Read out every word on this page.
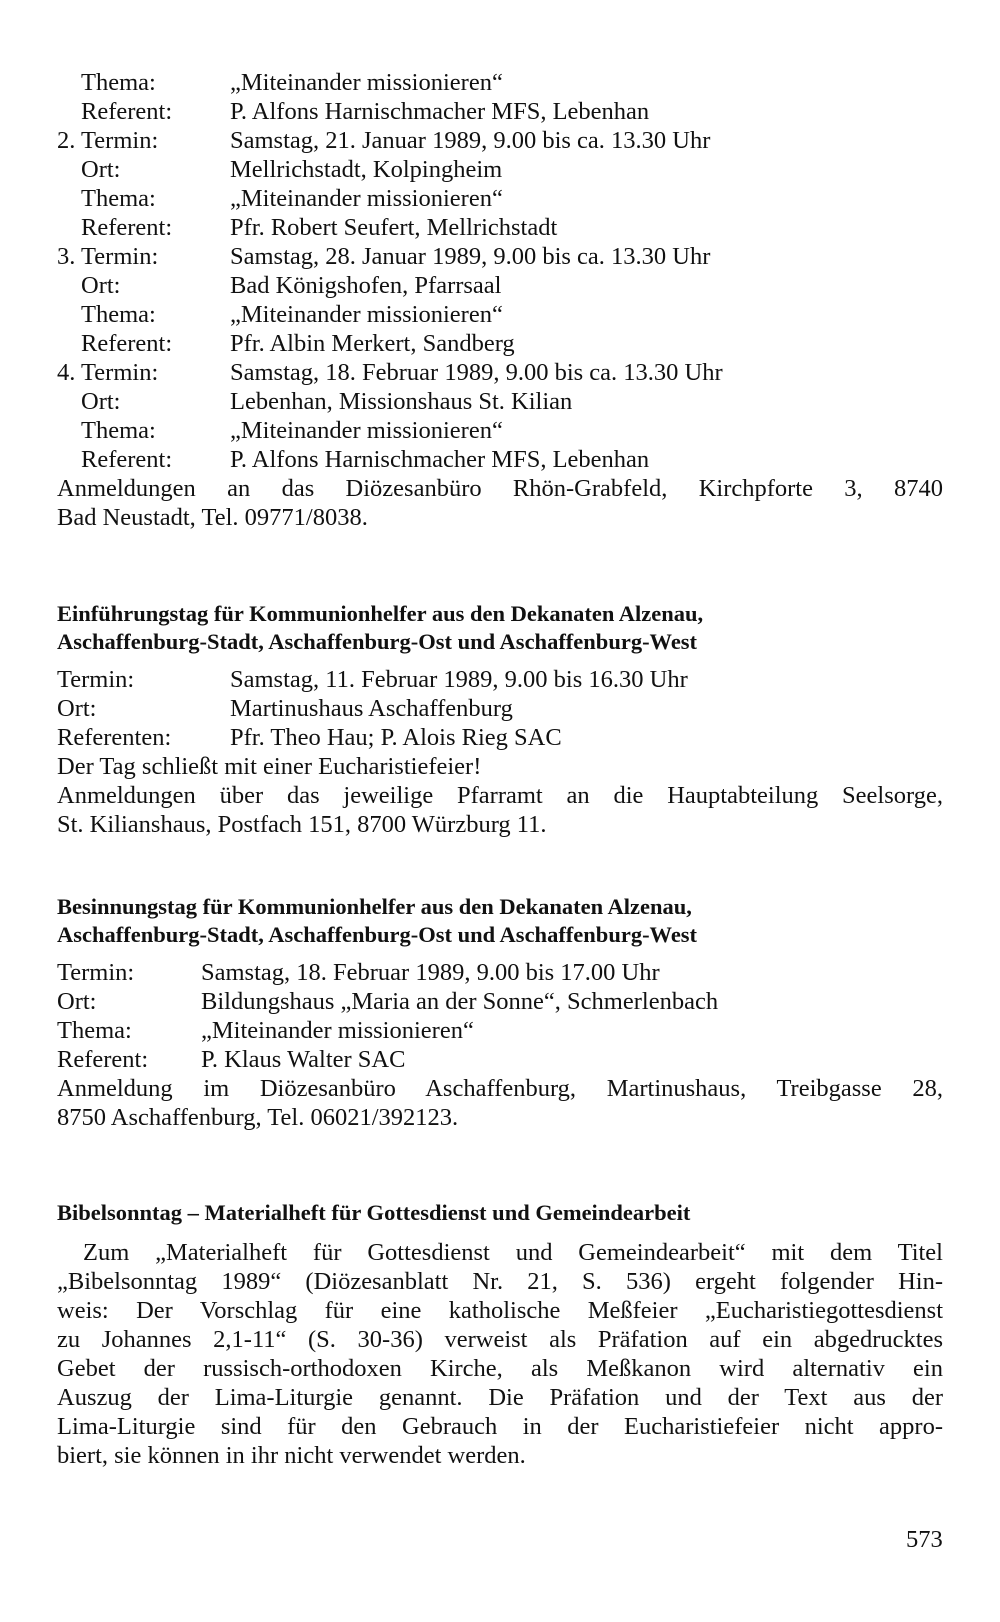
Thema:	„Miteinander missionieren“
Referent: P. Alfons Harnischmacher MFS, Lebenhan
2. Termin:	Samstag, 21. Januar 1989, 9.00 bis ca. 13.30 Uhr
Ort:	Mellrichstadt, Kolpingheim
Thema:	„Miteinander missionieren“
Referent: Pfr. Robert Seufert, Mellrichstadt
3. Termin:	Samstag, 28. Januar 1989, 9.00 bis ca. 13.30 Uhr
Ort:	Bad Königshofen, Pfarrsaal
Thema:	„Miteinander missionieren“
Referent: Pfr. Albin Merkert, Sandberg
4. Termin:	Samstag, 18. Februar 1989, 9.00 bis ca. 13.30 Uhr
Ort:	Lebenhan, Missionshaus St. Kilian
Thema:	„Miteinander missionieren“
Referent: P. Alfons Harnischmacher MFS, Lebenhan
Anmeldungen an das Diözesanbüro Rhön-Grabfeld, Kirchpforte 3, 8740
Bad Neustadt, Tel. 09771/8038.
Einführungstag für Kommunionhelfer aus den Dekanaten Alzenau,
Aschaffenburg-Stadt, Aschaffenburg-Ost und Aschaffenburg-West
Termin:	Samstag, 11. Februar 1989, 9.00 bis 16.30 Uhr
Ort:	Martinushaus Aschaffenburg
Referenten: Pfr. Theo Hau; P. Alois Rieg SAC
Der Tag schließt mit einer Eucharistiefeier!
Anmeldungen über das jeweilige Pfarramt an die Hauptabteilung Seelsorge,
St. Kilianshaus, Postfach 151, 8700 Würzburg 11.
Besinnungstag für Kommunionhelfer aus den Dekanaten Alzenau,
Aschaffenburg-Stadt, Aschaffenburg-Ost und Aschaffenburg-West
Termin:	Samstag, 18. Februar 1989, 9.00 bis 17.00 Uhr
Ort:	Bildungshaus „Maria an der Sonne“, Schmerlenbach
Thema:	„Miteinander missionieren“
Referent: P. Klaus Walter SAC
Anmeldung im Diözesanbüro Aschaffenburg, Martinushaus, Treibgasse 28,
8750 Aschaffenburg, Tel. 06021/392123.
Bibelsonntag – Materialheft für Gottesdienst und Gemeindearbeit
Zum „Materialheft für Gottesdienst und Gemeindearbeit“ mit dem Titel
„Bibelsonntag 1989“ (Diözesanblatt Nr. 21, S. 536) ergeht folgender Hin-
weis: Der Vorschlag für eine katholische Meßfeier „Eucharistiegottesdienst
zu Johannes 2,1-11“ (S. 30-36) verweist als Präfation auf ein abgedrucktes
Gebet der russisch-orthodoxen Kirche, als Meßkanon wird alternativ ein
Auszug der Lima-Liturgie genannt. Die Präfation und der Text aus der
Lima-Liturgie sind für den Gebrauch in der Eucharistiefeier nicht appro-
biert, sie können in ihr nicht verwendet werden.
573
